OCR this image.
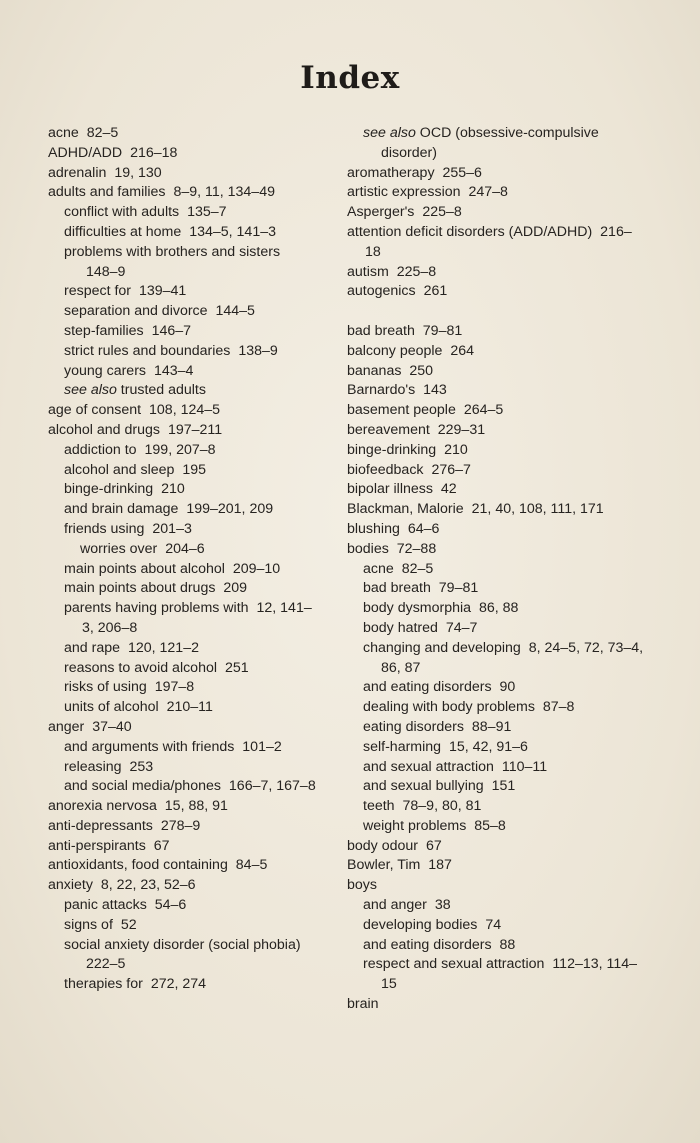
Index
acne 82–5
ADHD/ADD 216–18
adrenalin 19, 130
adults and families 8–9, 11, 134–49
conflict with adults 135–7
difficulties at home 134–5, 141–3
problems with brothers and sisters 148–9
respect for 139–41
separation and divorce 144–5
step-families 146–7
strict rules and boundaries 138–9
young carers 143–4
see also trusted adults
age of consent 108, 124–5
alcohol and drugs 197–211
addiction to 199, 207–8
alcohol and sleep 195
binge-drinking 210
and brain damage 199–201, 209
friends using 201–3
worries over 204–6
main points about alcohol 209–10
main points about drugs 209
parents having problems with 12, 141–3, 206–8
and rape 120, 121–2
reasons to avoid alcohol 251
risks of using 197–8
units of alcohol 210–11
anger 37–40
and arguments with friends 101–2
releasing 253
and social media/phones 166–7, 167–8
anorexia nervosa 15, 88, 91
anti-depressants 278–9
anti-perspirants 67
antioxidants, food containing 84–5
anxiety 8, 22, 23, 52–6
panic attacks 54–6
signs of 52
social anxiety disorder (social phobia) 222–5
therapies for 272, 274
see also OCD (obsessive-compulsive disorder)
aromatherapy 255–6
artistic expression 247–8
Asperger's 225–8
attention deficit disorders (ADD/ADHD) 216–18
autism 225–8
autogenics 261
bad breath 79–81
balcony people 264
bananas 250
Barnardo's 143
basement people 264–5
bereavement 229–31
binge-drinking 210
biofeedback 276–7
bipolar illness 42
Blackman, Malorie 21, 40, 108, 111, 171
blushing 64–6
bodies 72–88
acne 82–5
bad breath 79–81
body dysmorphia 86, 88
body hatred 74–7
changing and developing 8, 24–5, 72, 73–4, 86, 87
and eating disorders 90
dealing with body problems 87–8
eating disorders 88–91
self-harming 15, 42, 91–6
and sexual attraction 110–11
and sexual bullying 151
teeth 78–9, 80, 81
weight problems 85–8
body odour 67
Bowler, Tim 187
boys
and anger 38
developing bodies 74
and eating disorders 88
respect and sexual attraction 112–13, 114–15
brain
